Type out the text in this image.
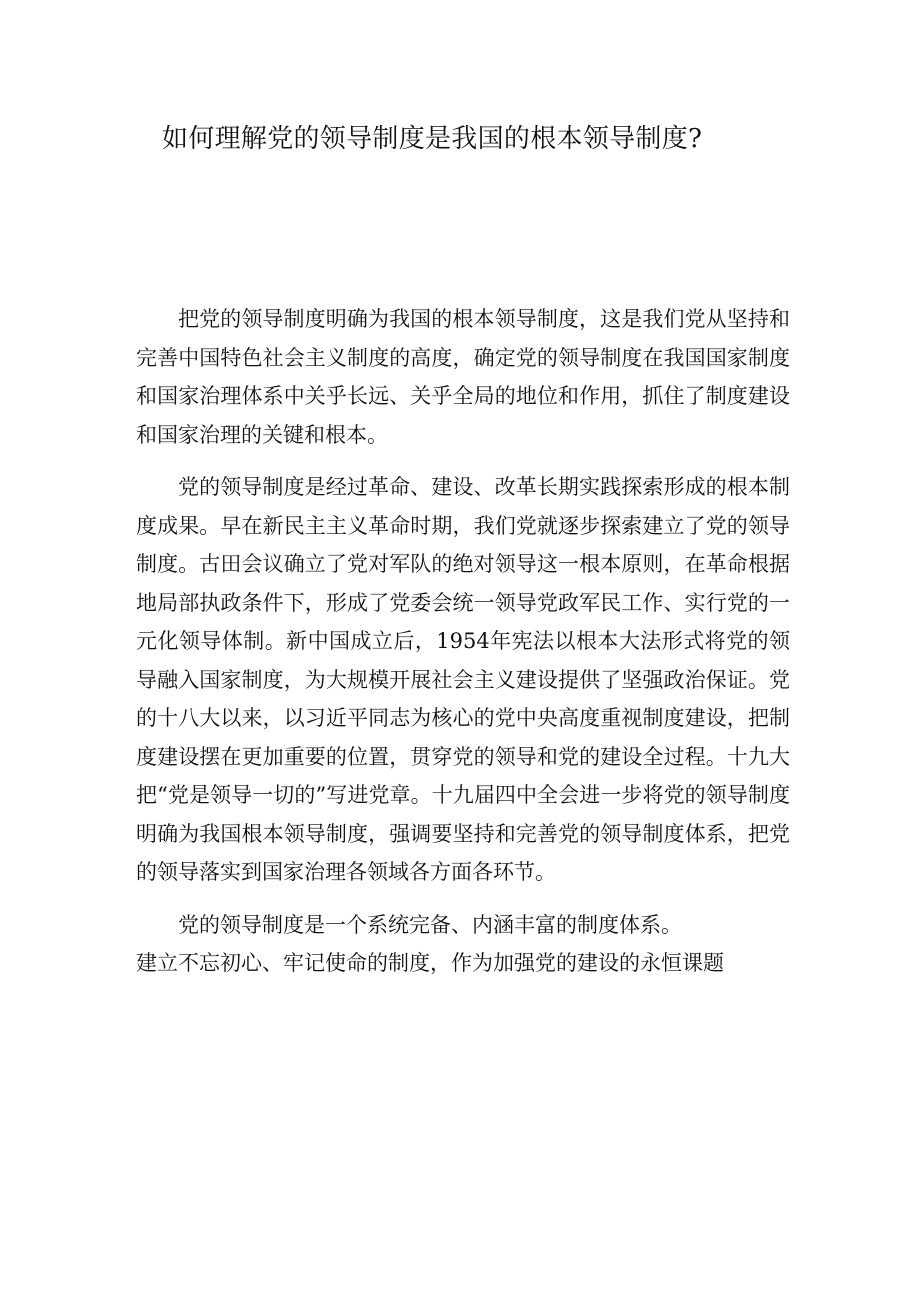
如何理解党的领导制度是我国的根本领导制度?

把党的领导制度明确为我国的根本领导制度，这是我们党从坚持和完善中国特色社会主义制度的高度，确定党的领导制度在我国国家制度和国家治理体系中关乎长远、关乎全局的地位和作用，抓住了制度建设和国家治理的关键和根本。

党的领导制度是经过革命、建设、改革长期实践探索形成的根本制度成果。早在新民主主义革命时期，我们党就逐步探索建立了党的领导制度。古田会议确立了党对军队的绝对领导这一根本原则，在革命根据地局部执政条件下，形成了党委会统一领导党政军民工作、实行党的一元化领导体制。新中国成立后，1954年宪法以根本大法形式将党的领导融入国家制度，为大规模开展社会主义建设提供了坚强政治保证。党的十八大以来，以习近平同志为核心的党中央高度重视制度建设，把制度建设摆在更加重要的位置，贯穿党的领导和党的建设全过程。十九大把“党是领导一切的”写进党章。十九届四中全会进一步将党的领导制度明确为我国根本领导制度，强调要坚持和完善党的领导制度体系，把党的领导落实到国家治理各领域各方面各环节。

党的领导制度是一个系统完备、内涵丰富的制度体系。

建立不忘初心、牢记使命的制度，作为加强党的建设的永恒课题
